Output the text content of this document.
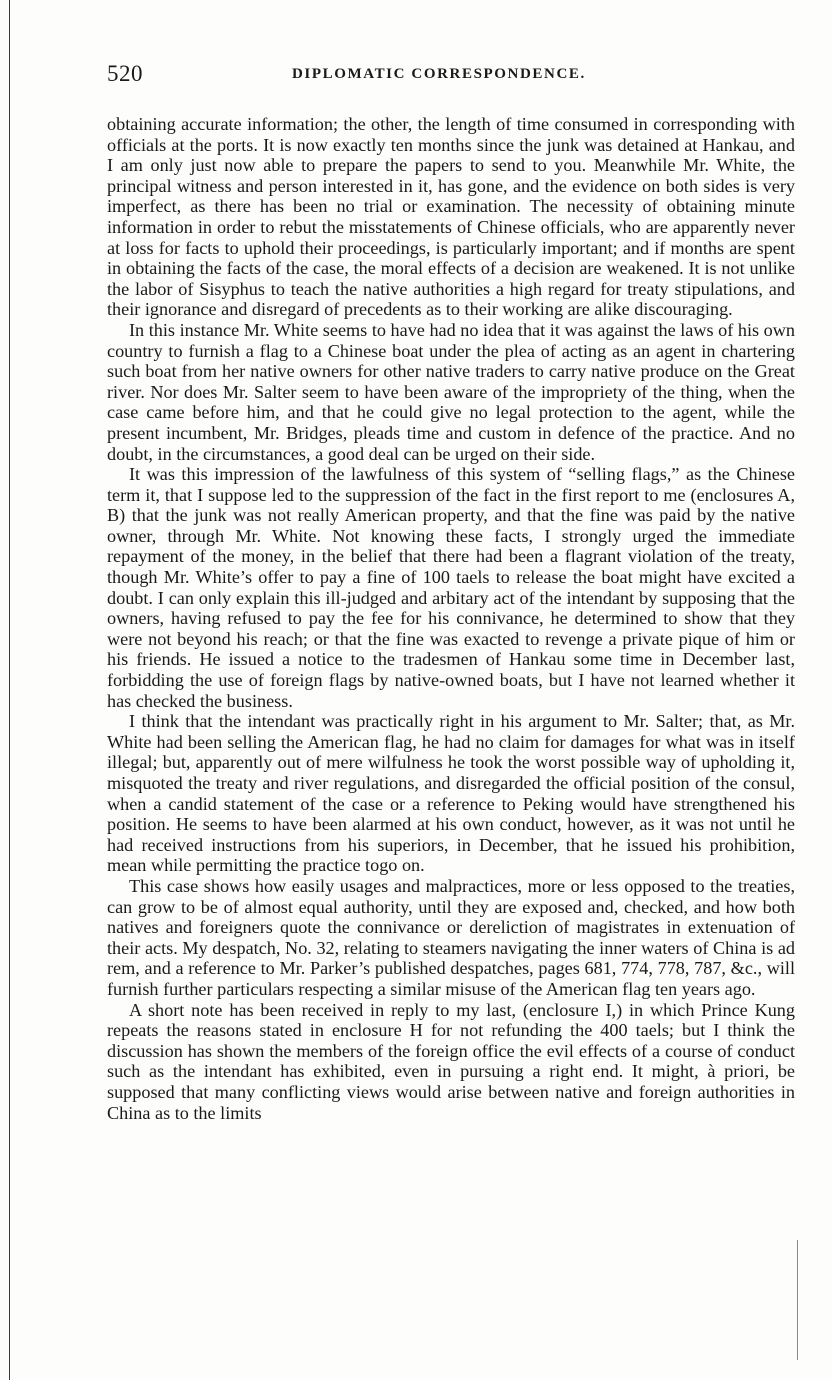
520	DIPLOMATIC CORRESPONDENCE.

obtaining accurate information; the other, the length of time consumed in corresponding with officials at the ports. It is now exactly ten months since the junk was detained at Hankau, and I am only just now able to prepare the papers to send to you. Meanwhile Mr. White, the principal witness and person interested in it, has gone, and the evidence on both sides is very imperfect, as there has been no trial or examination. The necessity of obtaining minute information in order to rebut the misstatements of Chinese officials, who are apparently never at loss for facts to uphold their proceedings, is particularly important; and if months are spent in obtaining the facts of the case, the moral effects of a decision are weakened. It is not unlike the labor of Sisyphus to teach the native authorities a high regard for treaty stipulations, and their ignorance and disregard of precedents as to their working are alike discouraging.

In this instance Mr. White seems to have had no idea that it was against the laws of his own country to furnish a flag to a Chinese boat under the plea of acting as an agent in chartering such boat from her native owners for other native traders to carry native produce on the Great river. Nor does Mr. Salter seem to have been aware of the impropriety of the thing, when the case came before him, and that he could give no legal protection to the agent, while the present incumbent, Mr. Bridges, pleads time and custom in defence of the practice. And no doubt, in the circumstances, a good deal can be urged on their side.

It was this impression of the lawfulness of this system of “selling flags,” as the Chinese term it, that I suppose led to the suppression of the fact in the first report to me (enclosures A, B) that the junk was not really American property, and that the fine was paid by the native owner, through Mr. White. Not knowing these facts, I strongly urged the immediate repayment of the money, in the belief that there had been a flagrant violation of the treaty, though Mr. White’s offer to pay a fine of 100 taels to release the boat might have excited a doubt. I can only explain this ill-judged and arbitary act of the intendant by supposing that the owners, having refused to pay the fee for his connivance, he determined to show that they were not beyond his reach; or that the fine was exacted to revenge a private pique of him or his friends. He issued a notice to the tradesmen of Hankau some time in December last, forbidding the use of foreign flags by native-owned boats, but I have not learned whether it has checked the business.

I think that the intendant was practically right in his argument to Mr. Salter; that, as Mr. White had been selling the American flag, he had no claim for damages for what was in itself illegal; but, apparently out of mere wilfulness he took the worst possible way of upholding it, misquoted the treaty and river regulations, and disregarded the official position of the consul, when a candid statement of the case or a reference to Peking would have strengthened his position. He seems to have been alarmed at his own conduct, however, as it was not until he had received instructions from his superiors, in December, that he issued his prohibition, mean while permitting the practice togo on.

This case shows how easily usages and malpractices, more or less opposed to the treaties, can grow to be of almost equal authority, until they are exposed and, checked, and how both natives and foreigners quote the connivance or dereliction of magistrates in extenuation of their acts. My despatch, No. 32, relating to steamers navigating the inner waters of China is ad rem, and a reference to Mr. Parker’s published despatches, pages 681, 774, 778, 787, &c., will furnish further particulars respecting a similar misuse of the American flag ten years ago.

A short note has been received in reply to my last, (enclosure I,) in which Prince Kung repeats the reasons stated in enclosure H for not refunding the 400 taels; but I think the discussion has shown the members of the foreign office the evil effects of a course of conduct such as the intendant has exhibited, even in pursuing a right end. It might, à priori, be supposed that many conflicting views would arise between native and foreign authorities in China as to the limits
